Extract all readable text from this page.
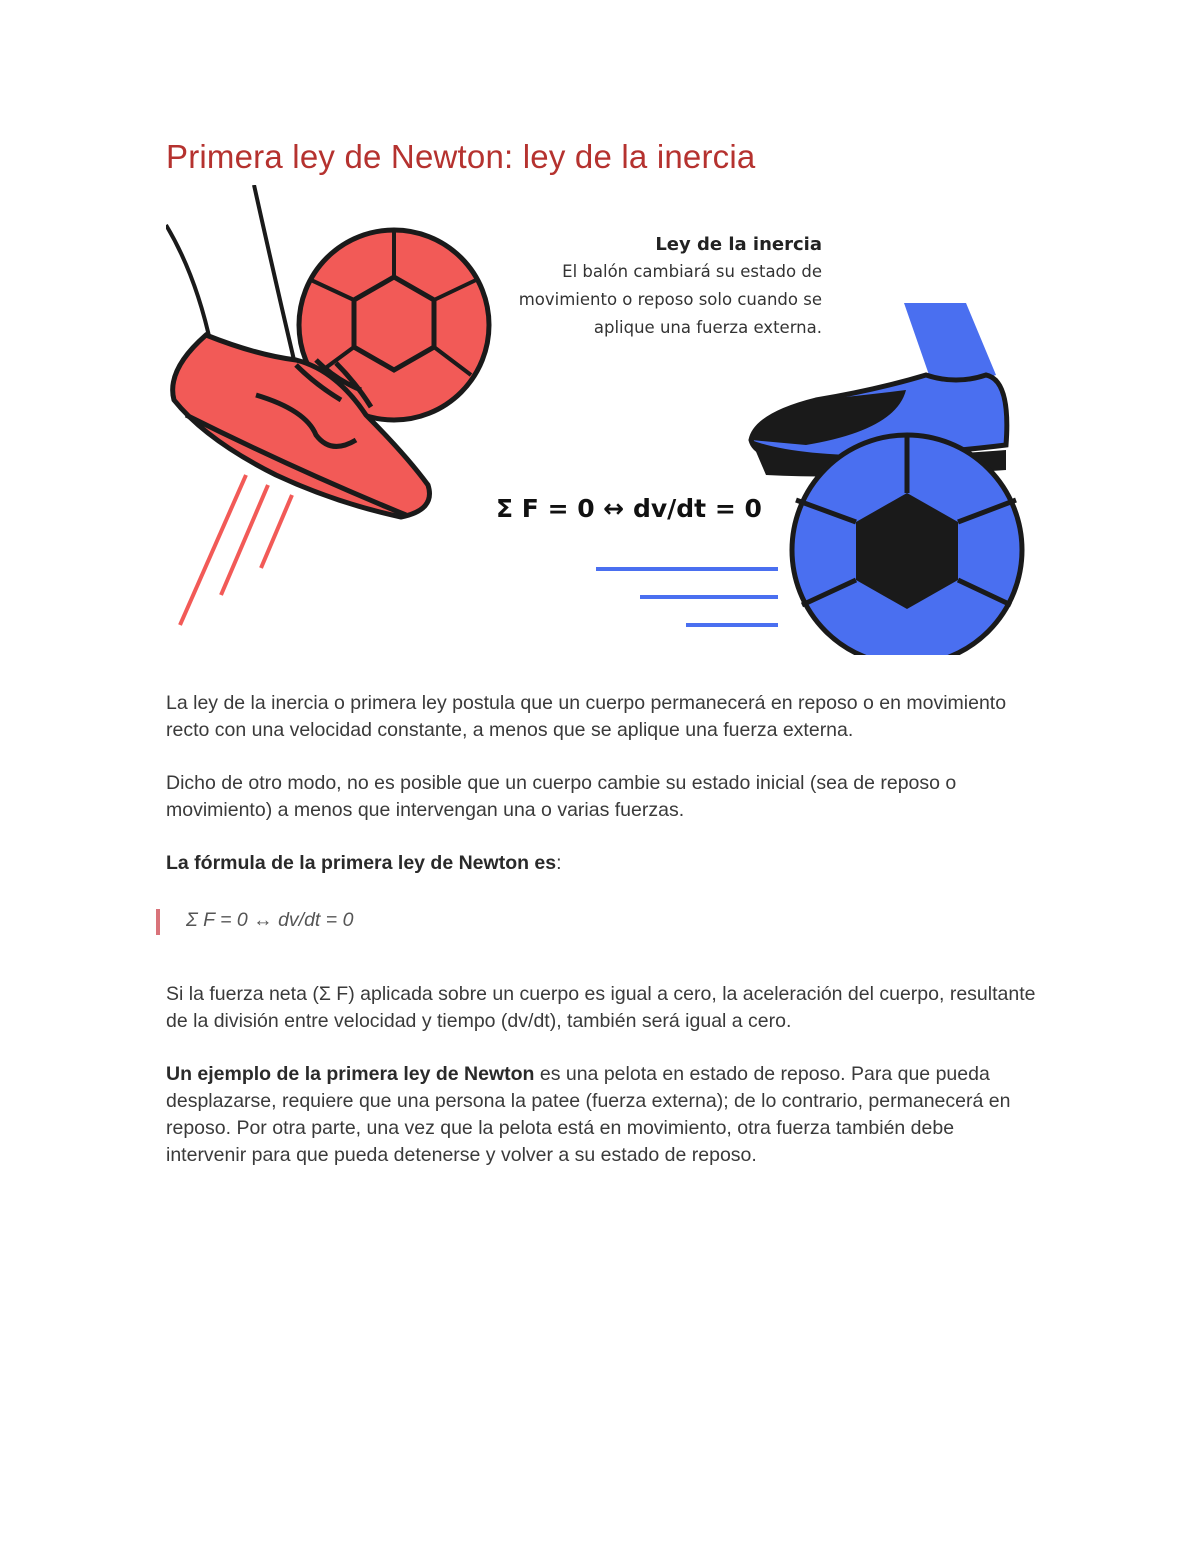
Primera ley de Newton: ley de la inercia
Ley de la inercia
El balón cambiará su estado de movimiento o reposo solo cuando se aplique una fuerza externa.
Σ F = 0 ↔ dv/dt = 0

La ley de la inercia o primera ley postula que un cuerpo permanecerá en reposo o en movimiento recto con una velocidad constante, a menos que se aplique una fuerza externa.

Dicho de otro modo, no es posible que un cuerpo cambie su estado inicial (sea de reposo o movimiento) a menos que intervengan una o varias fuerzas.

La fórmula de la primera ley de Newton es:

Σ F = 0 ↔ dv/dt = 0

Si la fuerza neta (Σ F) aplicada sobre un cuerpo es igual a cero, la aceleración del cuerpo, resultante de la división entre velocidad y tiempo (dv/dt), también será igual a cero.

Un ejemplo de la primera ley de Newton es una pelota en estado de reposo. Para que pueda desplazarse, requiere que una persona la patee (fuerza externa); de lo contrario, permanecerá en reposo. Por otra parte, una vez que la pelota está en movimiento, otra fuerza también debe intervenir para que pueda detenerse y volver a su estado de reposo.
